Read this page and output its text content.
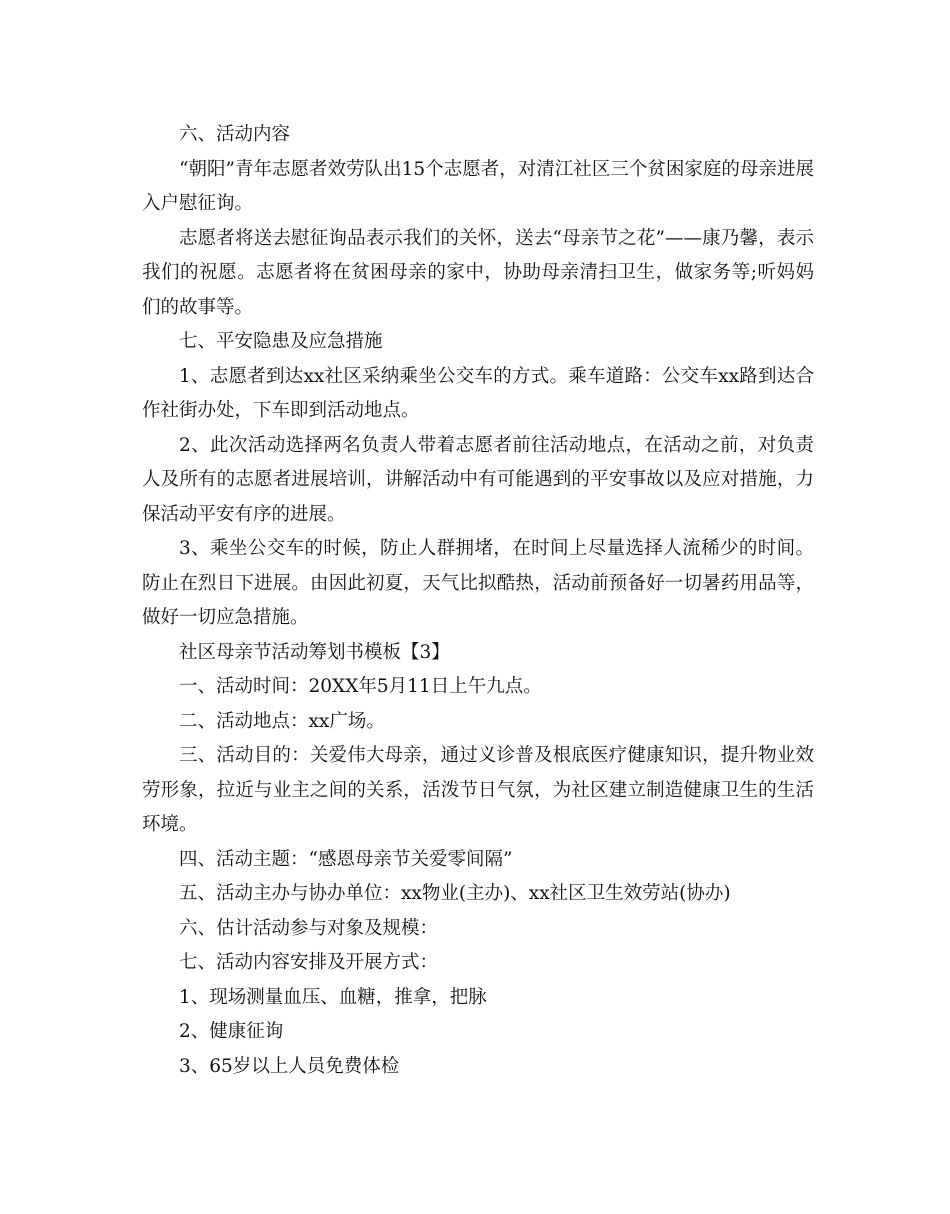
六、活动内容

“朝阳”青年志愿者效劳队出15个志愿者，对清江社区三个贫困家庭的母亲进展入户慰征询。

志愿者将送去慰征询品表示我们的关怀，送去“母亲节之花”——康乃馨，表示我们的祝愿。志愿者将在贫困母亲的家中，协助母亲清扫卫生，做家务等;听妈妈们的故事等。

七、平安隐患及应急措施

1、志愿者到达xx社区采纳乘坐公交车的方式。乘车道路：公交车xx路到达合作社街办处，下车即到活动地点。

2、此次活动选择两名负责人带着志愿者前往活动地点，在活动之前，对负责人及所有的志愿者进展培训，讲解活动中有可能遇到的平安事故以及应对措施，力保活动平安有序的进展。

3、乘坐公交车的时候，防止人群拥堵，在时间上尽量选择人流稀少的时间。防止在烈日下进展。由因此初夏，天气比拟酷热，活动前预备好一切暑药用品等，做好一切应急措施。

社区母亲节活动筹划书模板【3】

一、活动时间：20XX年5月11日上午九点。

二、活动地点：xx广场。

三、活动目的：关爱伟大母亲，通过义诊普及根底医疗健康知识，提升物业效劳形象，拉近与业主之间的关系，活泼节日气氛，为社区建立制造健康卫生的生活环境。

四、活动主题：“感恩母亲节关爱零间隔”

五、活动主办与协办单位：xx物业(主办)、xx社区卫生效劳站(协办)

六、估计活动参与对象及规模：

七、活动内容安排及开展方式：

1、现场测量血压、血糖，推拿，把脉

2、健康征询

3、65岁以上人员免费体检
